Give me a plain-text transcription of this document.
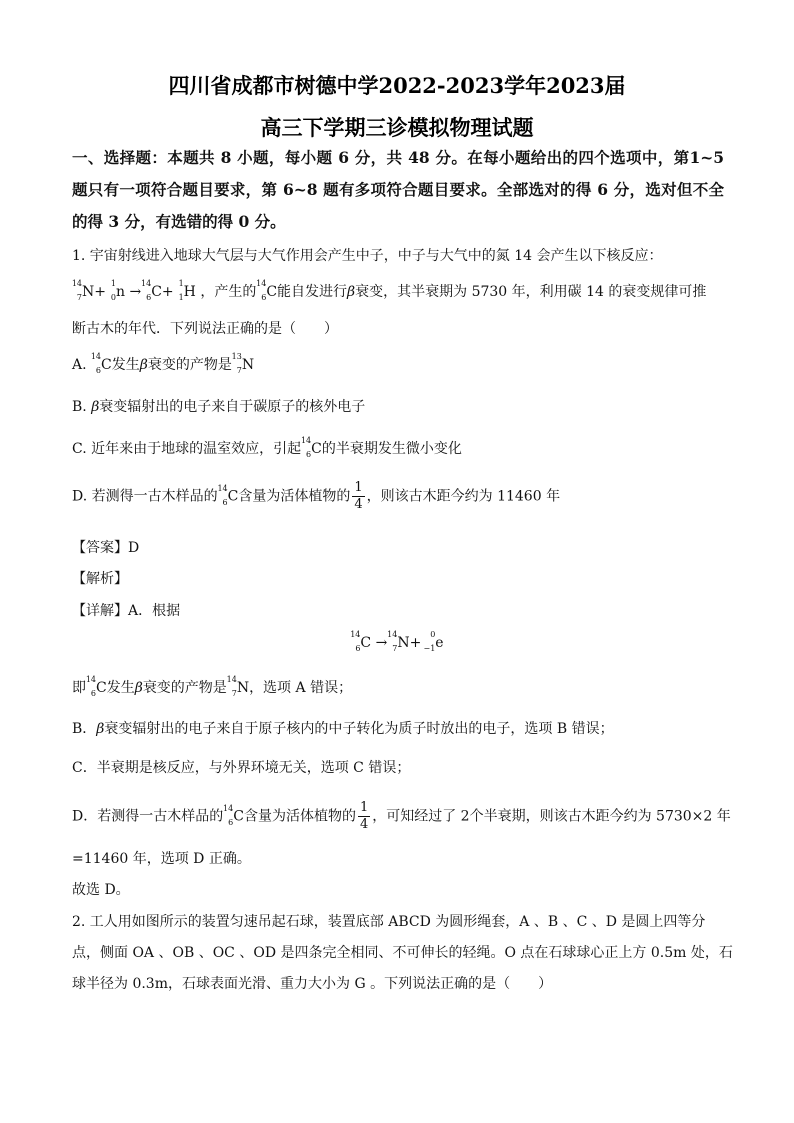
四川省成都市树德中学2022-2023学年2023届
高三下学期三诊模拟物理试题
一、选择题：本题共 8 小题，每小题 6 分，共 48 分。在每小题给出的四个选项中，第1~5 题只有一项符合题目要求，第 6~8 题有多项符合题目要求。全部选对的得 6 分，选对但不全的得 3 分，有选错的得 0 分。
1. 宇宙射线进入地球大气层与大气作用会产生中子，中子与大气中的氮 14 会产生以下核反应：
14
7 N+
1
0 n →
14
6 C+
1
1 H ，产生的
14
6 C能自发进行β衰变，其半衰期为 5730 年，利用碳 14 的衰变规律可推
断古木的年代．下列说法正确的是（　　）
A.
14
6 C发生β衰变的产物是
13
7 N
B. β衰变辐射出的电子来自于碳原子的核外电子
C. 近年来由于地球的温室效应，引起
14
6 C的半衰期发生微小变化
D. 若测得一古木样品的
14
6 C含量为活体植物的 $\frac{1}{4}$ ，则该古木距今约为 11460 年
【答案】D
【解析】
【详解】A．根据
14
6 C →
14
7 N+
0
−1 e
即
14
6 C发生β衰变的产物是
14
7 N，选项 A 错误；
B．β衰变辐射出的电子来自于原子核内的中子转化为质子时放出的电子，选项 B 错误；
C．半衰期是核反应，与外界环境无关，选项 C 错误；
D．若测得一古木样品的
14
6 C含量为活体植物的 $\frac{1}{4}$ ，可知经过了 2个半衰期，则该古木距今约为 5730×2 年
=11460 年，选项 D 正确。
故选 D。
2. 工人用如图所示的装置匀速吊起石球，装置底部 ABCD 为圆形绳套，A 、B 、C 、D 是圆上四等分
点，侧面 OA 、OB 、OC 、OD 是四条完全相同、不可伸长的轻绳。O 点在石球球心正上方 0.5m 处，石
球半径为 0.3m，石球表面光滑、重力大小为 G 。下列说法正确的是（　　）
